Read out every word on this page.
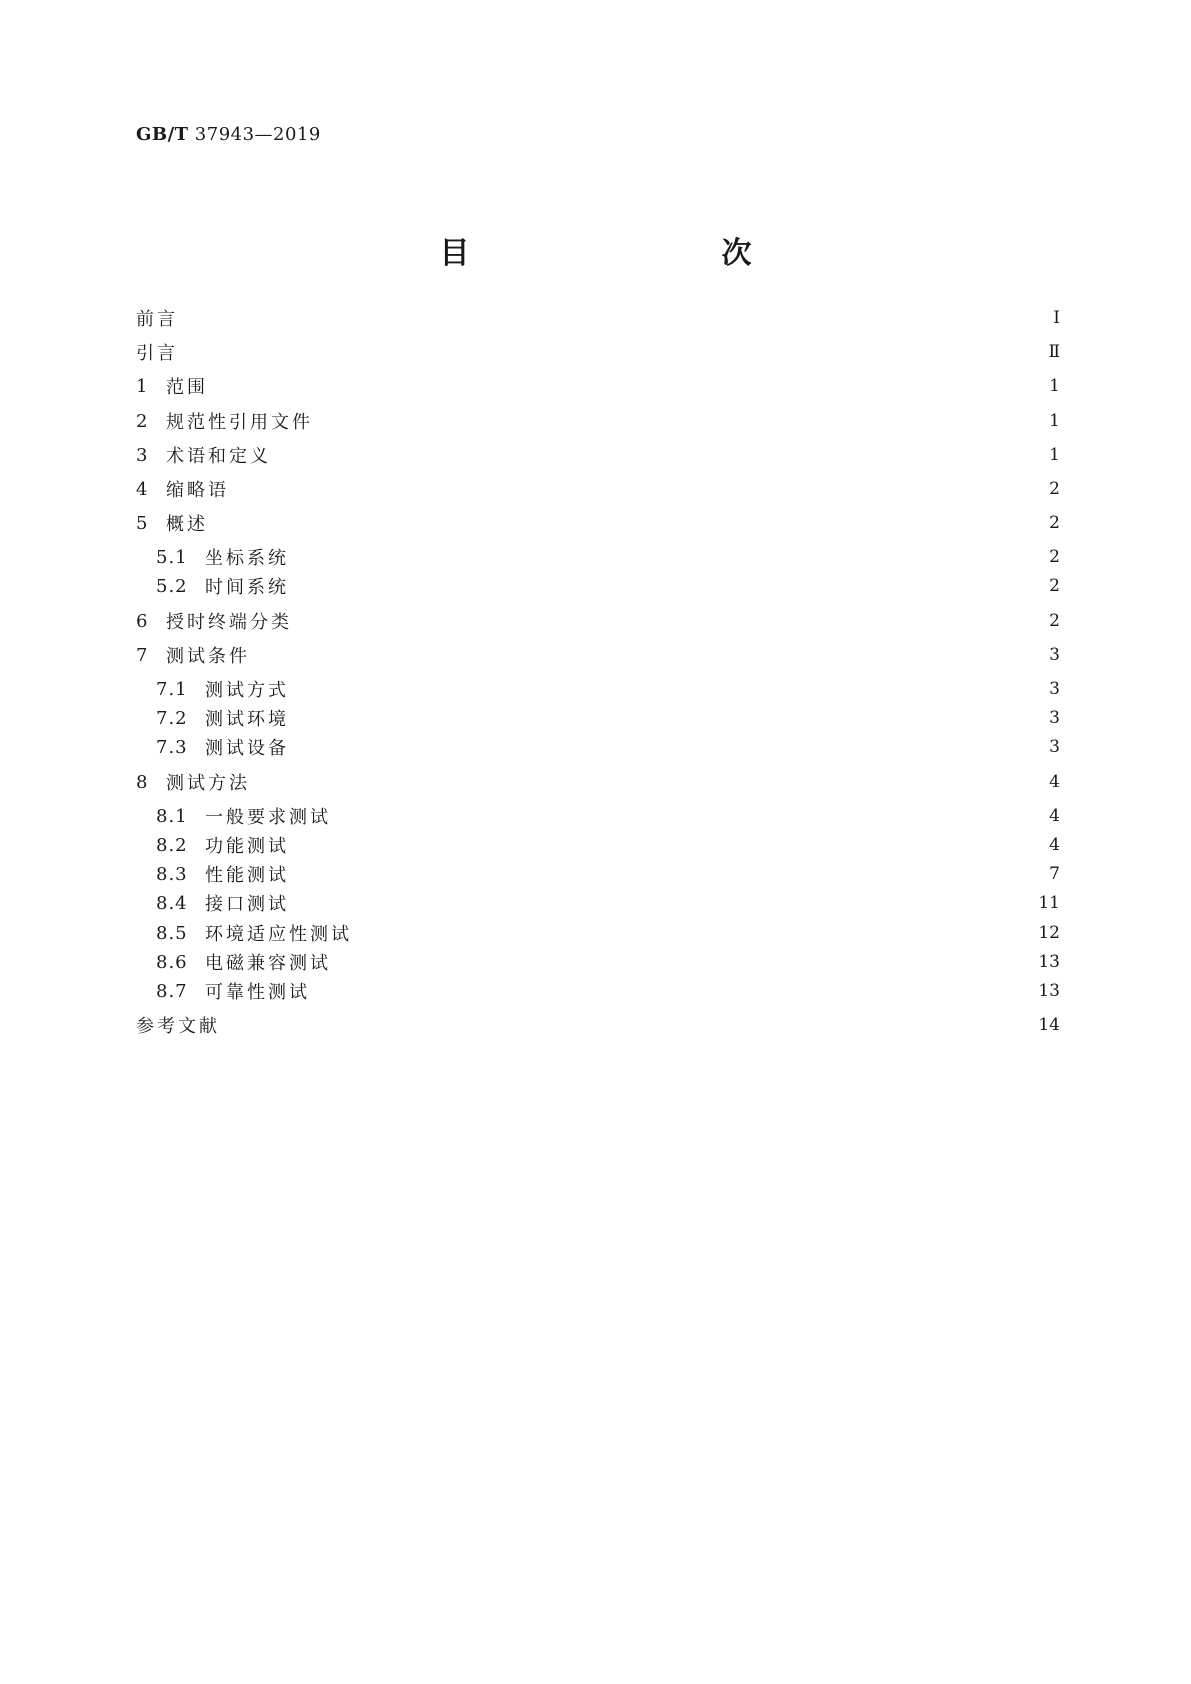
GB/T 37943—2019
目　　次
前言	Ⅰ
引言	Ⅱ
1 范围	1
2 规范性引用文件	1
3 术语和定义	1
4 缩略语	2
5 概述	2
5.1 坐标系统	2
5.2 时间系统	2
6 授时终端分类	2
7 测试条件	3
7.1 测试方式	3
7.2 测试环境	3
7.3 测试设备	3
8 测试方法	4
8.1 一般要求测试	4
8.2 功能测试	4
8.3 性能测试	7
8.4 接口测试	11
8.5 环境适应性测试	12
8.6 电磁兼容测试	13
8.7 可靠性测试	13
参考文献	14
